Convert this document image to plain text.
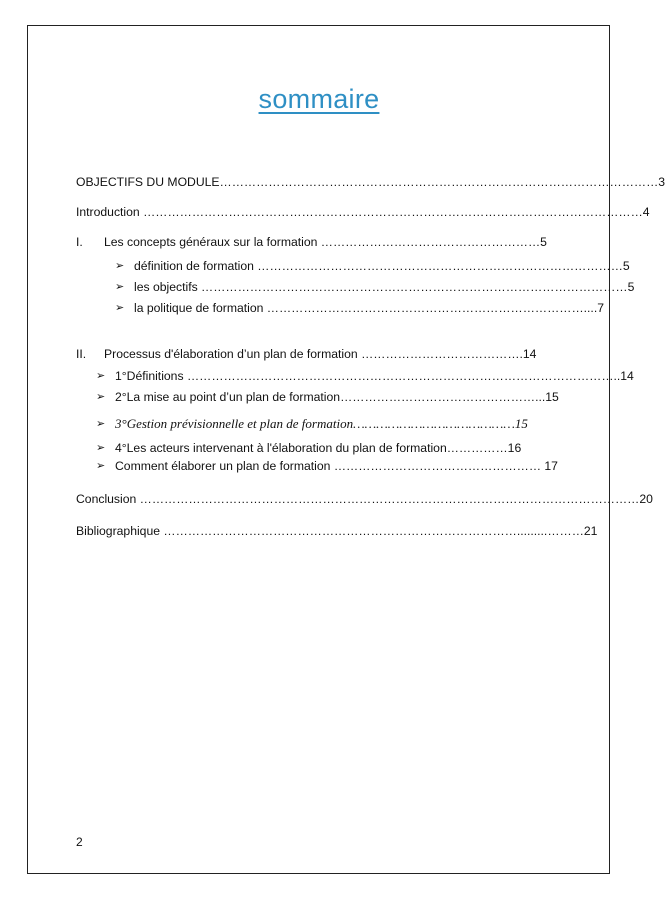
sommaire
OBJECTIFS DU MODULE………………………………………………………………………………………………3
Introduction ……………………………………………………………………………………………………………4
I. Les concepts généraux sur la formation ………………………………………………5
➢ définition de formation ………………………………………………………………………………5
➢ les objectifs ……………………………………………………………………………………………5
➢ la politique de formation ……………………………………………………………………....7
II. Processus d'élaboration d’un plan de formation ………………………………….14
➢ 1°Définitions ……………………………………………………………………………………………..14
➢ 2°La mise au point d’un plan de formation…………………………………………...15
➢ 3°Gestion prévisionnelle et plan de formation……………………………………15
➢ 4°Les acteurs intervenant à l'élaboration du plan de formation……………16
➢ Comment élaborer un plan de formation …………………………………………… 17
Conclusion ……………………………………………………………………………………………………………20
Bibliographique …………………………………………………………………………….........………21
2
